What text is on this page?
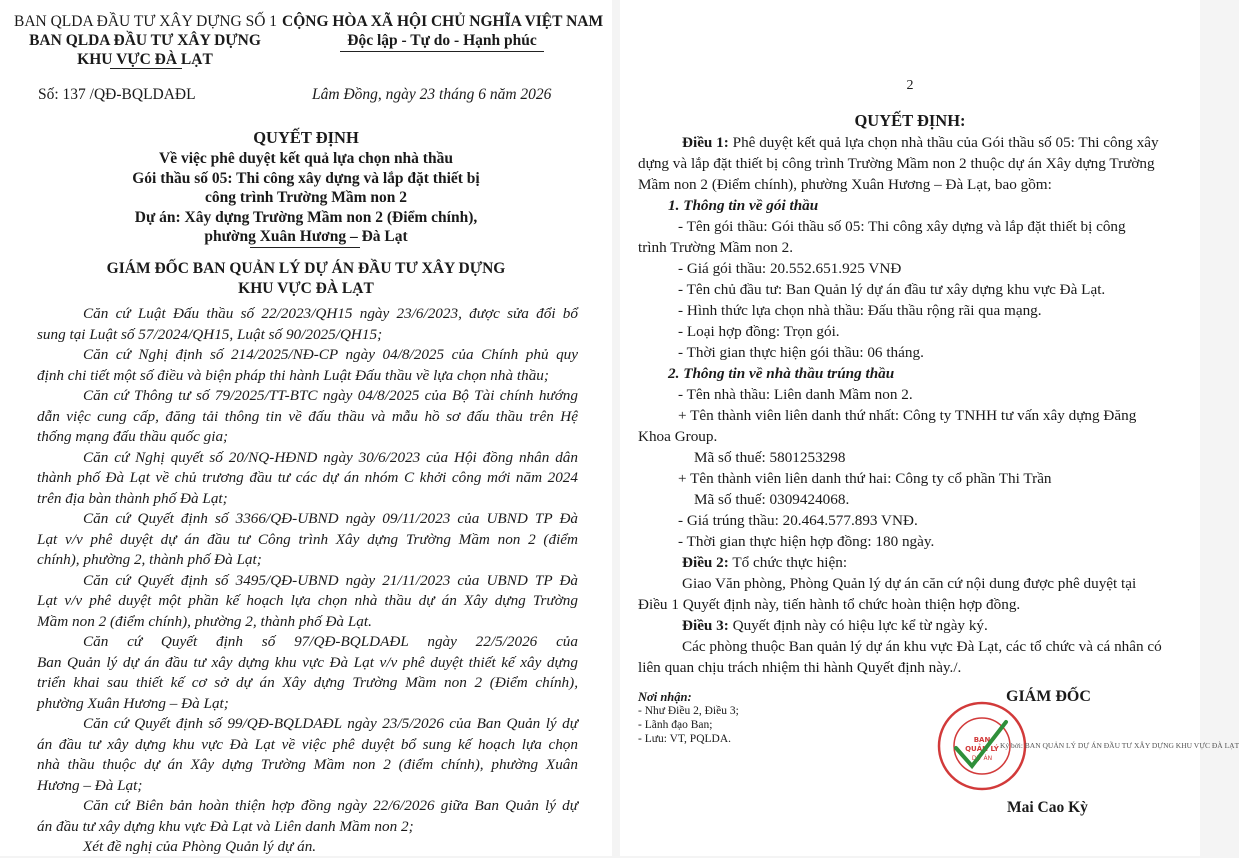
BAN QLDA ĐẦU TƯ XÂY DỰNG SỐ 1
BAN QLDA ĐẦU TƯ XÂY DỰNG
KHU VỰC ĐÀ LẠT
CỘNG HÒA XÃ HỘI CHỦ NGHĨA VIỆT NAM
Độc lập - Tự do - Hạnh phúc
Số: 137 /QĐ-BQLDAĐL	Lâm Đồng, ngày 23 tháng 6 năm 2026
QUYẾT ĐỊNH
Về việc phê duyệt kết quả lựa chọn nhà thầu
Gói thầu số 05: Thi công xây dựng và lắp đặt thiết bị
công trình Trường Mầm non 2
Dự án: Xây dựng Trường Mầm non 2 (Điểm chính),
phường Xuân Hương – Đà Lạt
GIÁM ĐỐC BAN QUẢN LÝ DỰ ÁN ĐẦU TƯ XÂY DỰNG
KHU VỰC ĐÀ LẠT
Căn cứ Luật Đấu thầu số 22/2023/QH15 ngày 23/6/2023, được sửa đổi bổ
sung tại Luật số 57/2024/QH15, Luật số 90/2025/QH15;
Căn cứ Nghị định số 214/2025/NĐ-CP ngày 04/8/2025 của Chính phủ quy
định chi tiết một số điều và biện pháp thi hành Luật Đấu thầu về lựa chọn nhà thầu;
Căn cứ Thông tư số 79/2025/TT-BTC ngày 04/8/2025 của Bộ Tài chính hướng
dẫn việc cung cấp, đăng tải thông tin về đấu thầu và mẫu hồ sơ đấu thầu trên Hệ
thống mạng đấu thầu quốc gia;
Căn cứ Nghị quyết số 20/NQ-HĐND ngày 30/6/2023 của Hội đồng nhân dân
thành phố Đà Lạt về chủ trương đầu tư các dự án nhóm C khởi công mới năm 2024
trên địa bàn thành phố Đà Lạt;
Căn cứ Quyết định số 3366/QĐ-UBND ngày 09/11/2023 của UBND TP Đà
Lạt v/v phê duyệt dự án đầu tư Công trình Xây dựng Trường Mầm non 2 (điểm
chính), phường 2, thành phố Đà Lạt;
Căn cứ Quyết định số 3495/QĐ-UBND ngày 21/11/2023 của UBND TP Đà
Lạt v/v phê duyệt một phần kế hoạch lựa chọn nhà thầu dự án Xây dựng Trường
Mầm non 2 (điểm chính), phường 2, thành phố Đà Lạt.
Căn cứ Quyết định số 97/QĐ-BQLDAĐL ngày 22/5/2026 của
Ban Quản lý dự án đầu tư xây dựng khu vực Đà Lạt v/v phê duyệt thiết kế xây dựng
triển khai sau thiết kế cơ sở dự án Xây dựng Trường Mầm non 2 (Điểm chính),
phường Xuân Hương – Đà Lạt;
Căn cứ Quyết định số 99/QĐ-BQLDAĐL ngày 23/5/2026 của Ban Quản lý dự
án đầu tư xây dựng khu vực Đà Lạt về việc phê duyệt bổ sung kế hoạch lựa chọn
nhà thầu thuộc dự án Xây dựng Trường Mầm non 2 (điểm chính), phường Xuân
Hương – Đà Lạt;
Căn cứ Biên bản hoàn thiện hợp đồng ngày 22/6/2026 giữa Ban Quản lý dự
án đầu tư xây dựng khu vực Đà Lạt và Liên danh Mầm non 2;
Xét đề nghị của Phòng Quản lý dự án.
2
QUYẾT ĐỊNH:
Điều 1: Phê duyệt kết quả lựa chọn nhà thầu của Gói thầu số 05: Thi công xây
dựng và lắp đặt thiết bị công trình Trường Mầm non 2 thuộc dự án Xây dựng Trường
Mầm non 2 (Điểm chính), phường Xuân Hương – Đà Lạt, bao gồm:
1. Thông tin về gói thầu
- Tên gói thầu: Gói thầu số 05: Thi công xây dựng và lắp đặt thiết bị công
trình Trường Mầm non 2.
- Giá gói thầu: 20.552.651.925 VNĐ
- Tên chủ đầu tư: Ban Quản lý dự án đầu tư xây dựng khu vực Đà Lạt.
- Hình thức lựa chọn nhà thầu: Đấu thầu rộng rãi qua mạng.
- Loại hợp đồng: Trọn gói.
- Thời gian thực hiện gói thầu: 06 tháng.
2. Thông tin về nhà thầu trúng thầu
- Tên nhà thầu: Liên danh Mầm non 2.
+ Tên thành viên liên danh thứ nhất: Công ty TNHH tư vấn xây dựng Đăng
Khoa Group.
Mã số thuế: 5801253298
+ Tên thành viên liên danh thứ hai: Công ty cổ phần Thi Trần
Mã số thuế: 0309424068.
- Giá trúng thầu: 20.464.577.893 VNĐ.
- Thời gian thực hiện hợp đồng: 180 ngày.
Điều 2: Tổ chức thực hiện:
Giao Văn phòng, Phòng Quản lý dự án căn cứ nội dung được phê duyệt tại
Điều 1 Quyết định này, tiến hành tổ chức hoàn thiện hợp đồng.
Điều 3: Quyết định này có hiệu lực kể từ ngày ký.
Các phòng thuộc Ban quản lý dự án khu vực Đà Lạt, các tổ chức và cá nhân có
liên quan chịu trách nhiệm thi hành Quyết định này./.
Nơi nhận:
- Như Điều 2, Điều 3;
- Lãnh đạo Ban;
- Lưu: VT, PQLDA.
GIÁM ĐỐC
BAN
QUẢN LÝ
DỰ ÁN
Ký bởi: BAN QUẢN LÝ DỰ ÁN ĐẦU TƯ XÂY DỰNG KHU VỰC ĐÀ LẠT
Mai Cao Kỳ
